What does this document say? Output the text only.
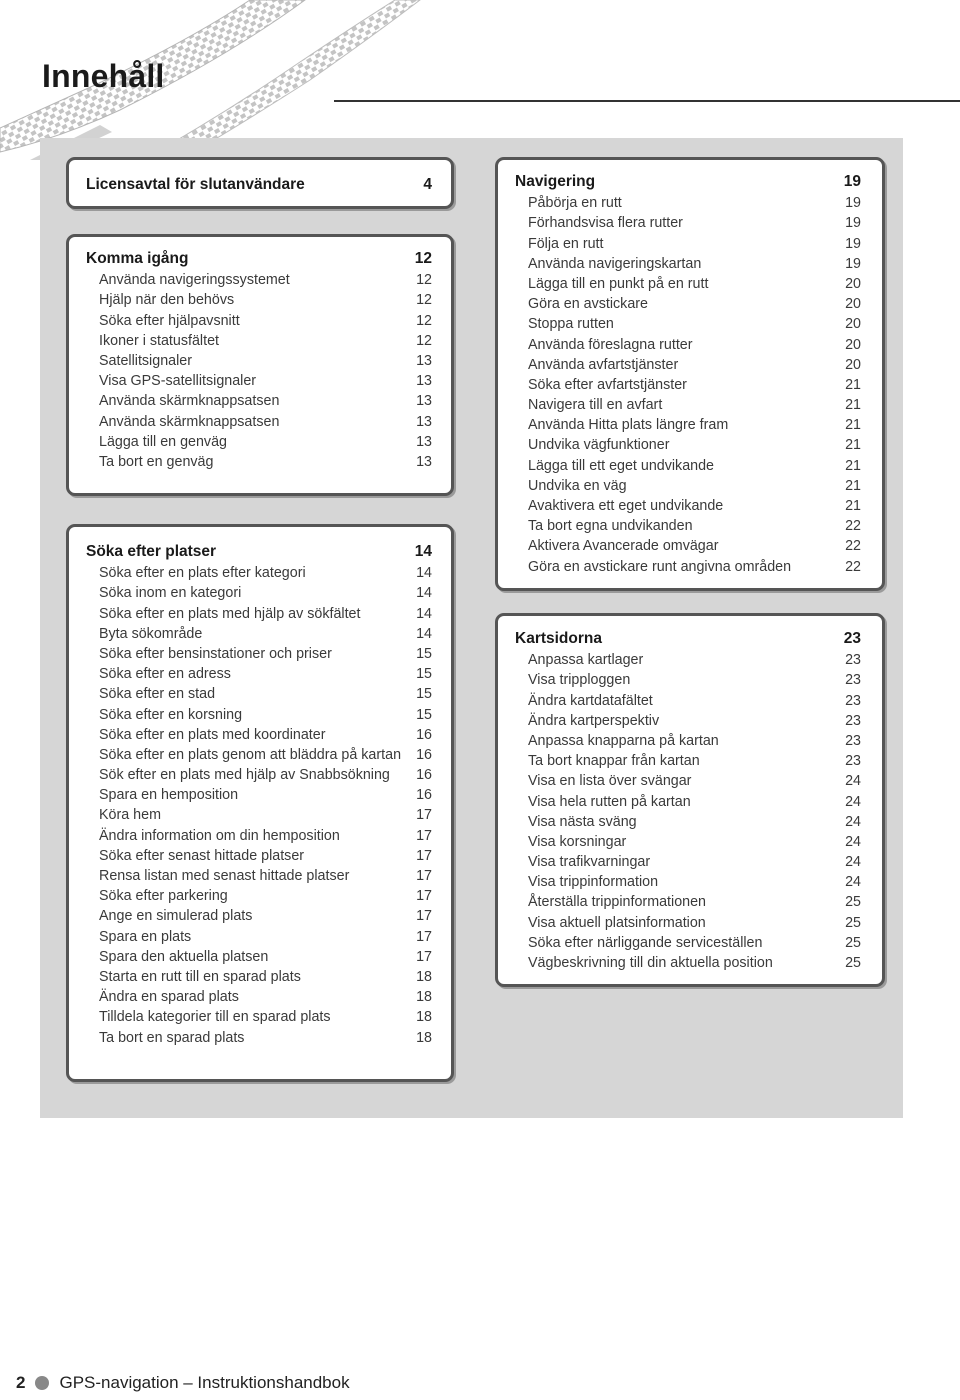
Innehåll
Licensavtal för slutanvändare	4
Komma igång	12
Använda navigeringssystemet	12
Hjälp när den behövs	12
Söka efter hjälpavsnitt	12
Ikoner i statusfältet	12
Satellitsignaler	13
Visa GPS-satellitsignaler	13
Använda skärmknappsatsen	13
Använda skärmknappsatsen	13
Lägga till en genväg	13
Ta bort en genväg	13
Söka efter platser	14
Söka efter en plats efter kategori	14
Söka inom en kategori	14
Söka efter en plats med hjälp av sökfältet	14
Byta sökområde	14
Söka efter bensinstationer och priser	15
Söka efter en adress	15
Söka efter en stad	15
Söka efter en korsning	15
Söka efter en plats med koordinater	16
Söka efter en plats genom att bläddra på kartan	16
Sök efter en plats med hjälp av Snabbsökning	16
Spara en hemposition	16
Köra hem	17
Ändra information om din hemposition	17
Söka efter senast hittade platser	17
Rensa listan med senast hittade platser	17
Söka efter parkering	17
Ange en simulerad plats	17
Spara en plats	17
Spara den aktuella platsen	17
Starta en rutt till en sparad plats	18
Ändra en sparad plats	18
Tilldela kategorier till en sparad plats	18
Ta bort en sparad plats	18
Navigering	19
Påbörja en rutt	19
Förhandsvisa flera rutter	19
Följa en rutt	19
Använda navigeringskartan	19
Lägga till en punkt på en rutt	20
Göra en avstickare	20
Stoppa rutten	20
Använda föreslagna rutter	20
Använda avfartstjänster	20
Söka efter avfartstjänster	21
Navigera till en avfart	21
Använda Hitta plats längre fram	21
Undvika vägfunktioner	21
Lägga till ett eget undvikande	21
Undvika en väg	21
Avaktivera ett eget undvikande	21
Ta bort egna undvikanden	22
Aktivera Avancerade omvägar	22
Göra en avstickare runt angivna områden	22
Kartsidorna	23
Anpassa kartlager	23
Visa tripploggen	23
Ändra kartdatafältet	23
Ändra kartperspektiv	23
Anpassa knapparna på kartan	23
Ta bort knappar från kartan	23
Visa en lista över svängar	24
Visa hela rutten på kartan	24
Visa nästa sväng	24
Visa korsningar	24
Visa trafikvarningar	24
Visa trippinformation	24
Återställa trippinformationen	25
Visa aktuell platsinformation	25
Söka efter närliggande serviceställen	25
Vägbeskrivning till din aktuella position	25
2 GPS-navigation – Instruktionshandbok
